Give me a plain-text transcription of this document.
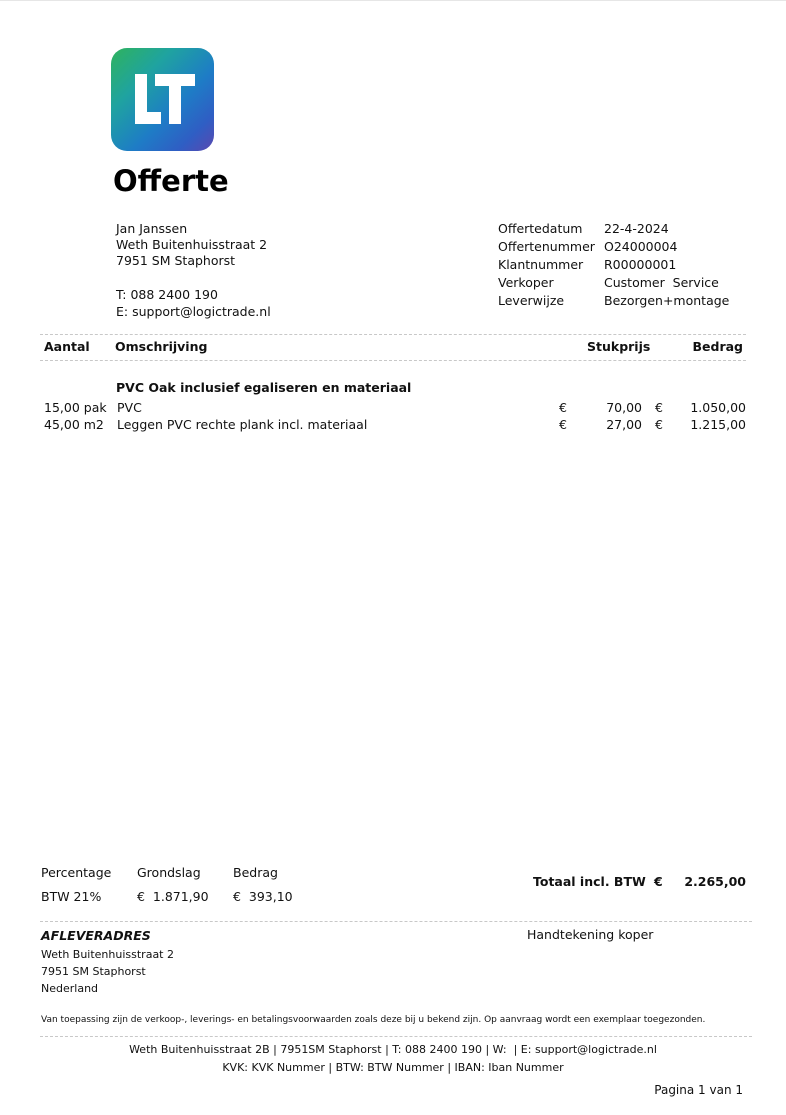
Offerte
Jan Janssen
Weth Buitenhuisstraat 2
7951 SM Staphorst
T: 088 2400 190
E: support@logictrade.nl
Offertedatum 22-4-2024
Offertenummer O24000004
Klantnummer R00000001
Verkoper	Customer  Service
Leverwijze	Bezorgen+montage
Aantal Omschrijving	Stukprijs	Bedrag
PVC Oak inclusief egaliseren en materiaal
15,00 pak PVC	€	70,00 €	1.050,00
45,00 m2 Leggen PVC rechte plank incl. materiaal	€	27,00 €	1.215,00
Percentage Grondslag	Bedrag
BTW 21%	€  1.871,90 €  393,10
Totaal incl. BTW €	2.265,00
AFLEVERADRES
Weth Buitenhuisstraat 2
7951 SM Staphorst
Nederland
Handtekening koper
Van toepassing zijn de verkoop-, leverings- en betalingsvoorwaarden zoals deze bij u bekend zijn. Op aanvraag wordt een exemplaar toegezonden.
Weth Buitenhuisstraat 2B | 7951SM Staphorst | T: 088 2400 190 | W:  | E: support@logictrade.nl
KVK: KVK Nummer | BTW: BTW Nummer | IBAN: Iban Nummer
Pagina 1 van 1
